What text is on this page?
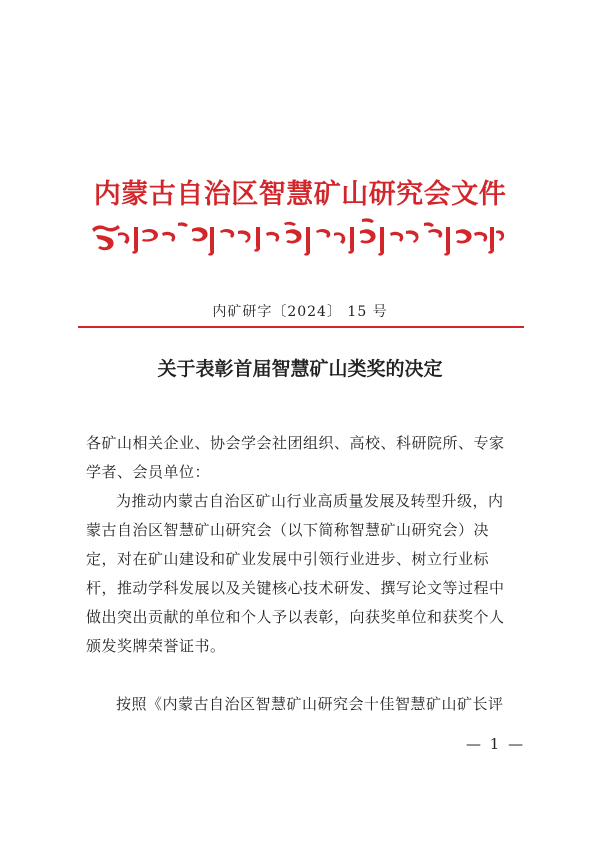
内蒙古自治区智慧矿山研究会文件
内矿研字〔2024〕 15 号
关于表彰首届智慧矿山类奖的决定
各矿山相关企业、协会学会社团组织、高校、科研院所、专家学者、会员单位：
为推动内蒙古自治区矿山行业高质量发展及转型升级，内蒙古自治区智慧矿山研究会（以下简称智慧矿山研究会）决定，对在矿山建设和矿业发展中引领行业进步、树立行业标杆，推动学科发展以及关键核心技术研发、撰写论文等过程中做出突出贡献的单位和个人予以表彰，向获奖单位和获奖个人颁发奖牌荣誉证书。
按照《内蒙古自治区智慧矿山研究会十佳智慧矿山矿长评
— 1 —
